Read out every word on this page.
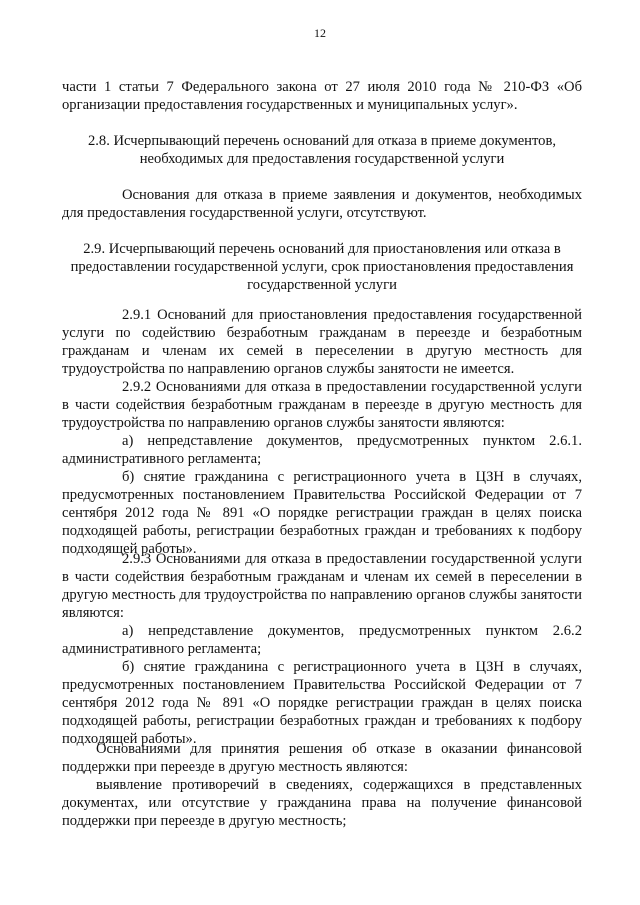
12

части 1 статьи 7 Федерального закона от 27 июля 2010 года № 210-ФЗ «Об организации предоставления государственных и муниципальных услуг».

2.8. Исчерпывающий перечень оснований для отказа в приеме документов, необходимых для предоставления государственной услуги

Основания для отказа в приеме заявления и документов, необходимых для предоставления государственной услуги, отсутствуют.

2.9. Исчерпывающий перечень оснований для приостановления или отказа в предоставлении государственной услуги, срок приостановления предоставления государственной услуги

2.9.1 Оснований для приостановления предоставления государственной услуги по содействию безработным гражданам в переезде и безработным гражданам и членам их семей в переселении в другую местность для трудоустройства по направлению органов службы занятости не имеется.

2.9.2 Основаниями для отказа в предоставлении государственной услуги в части содействия безработным гражданам в переезде в другую местность для трудоустройства по направлению органов службы занятости являются:

а) непредставление документов, предусмотренных пунктом 2.6.1. административного регламента;

б) снятие гражданина с регистрационного учета в ЦЗН в случаях, предусмотренных постановлением Правительства Российской Федерации от 7 сентября 2012 года № 891 «О порядке регистрации граждан в целях поиска подходящей работы, регистрации безработных граждан и требованиях к подбору подходящей работы».

2.9.3 Основаниями для отказа в предоставлении государственной услуги в части содействия безработным гражданам и членам их семей в переселении в другую местность для трудоустройства по направлению органов службы занятости являются:

а) непредставление документов, предусмотренных пунктом 2.6.2 административного регламента;

б) снятие гражданина с регистрационного учета в ЦЗН в случаях, предусмотренных постановлением Правительства Российской Федерации от 7 сентября 2012 года № 891 «О порядке регистрации граждан в целях поиска подходящей работы, регистрации безработных граждан и требованиях к подбору подходящей работы».

Основаниями для принятия решения об отказе в оказании финансовой поддержки при переезде в другую местность являются:

выявление противоречий в сведениях, содержащихся в представленных документах, или отсутствие у гражданина права на получение финансовой поддержки при переезде в другую местность;
